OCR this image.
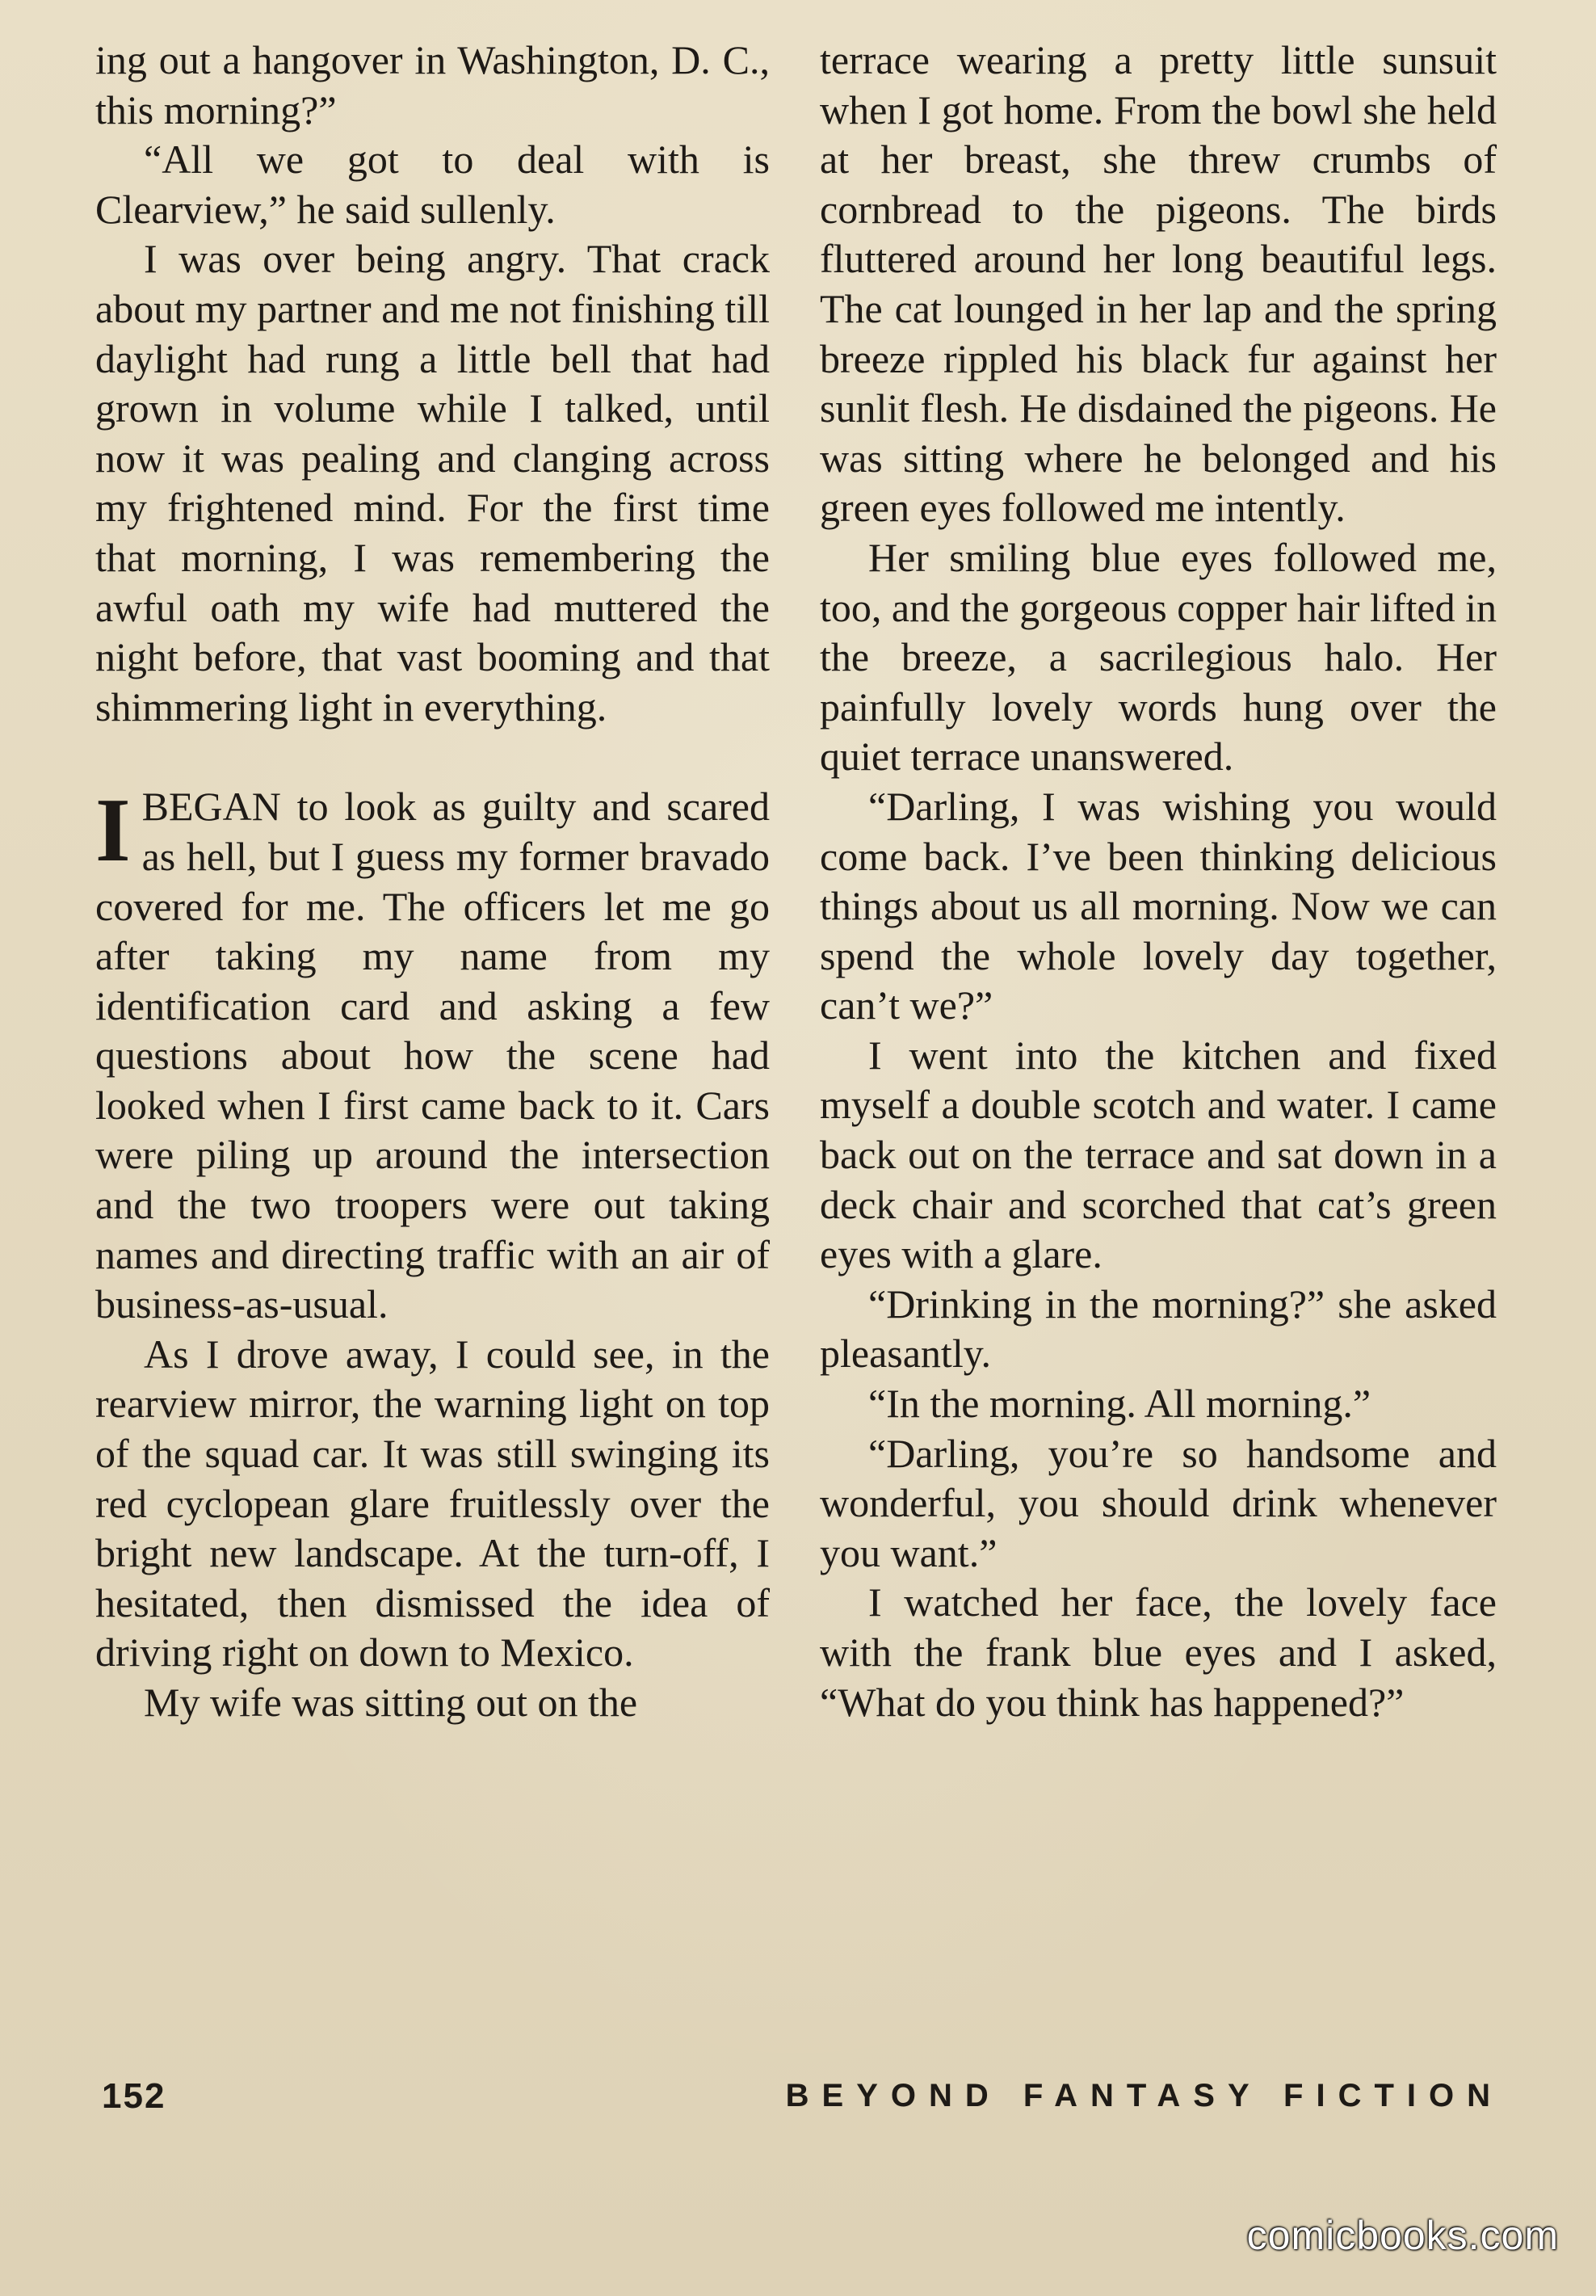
ing out a hangover in Washington, D. C., this morning?”

“All we got to deal with is Clearview,” he said sullenly.

I was over being angry. That crack about my partner and me not finishing till daylight had rung a little bell that had grown in volume while I talked, until now it was pealing and clanging across my frightened mind. For the first time that morning, I was remembering the awful oath my wife had muttered the night before, that vast booming and that shimmering light in everything.

IBEGAN to look as guilty and scared as hell, but I guess my former bravado covered for me. The officers let me go after taking my name from my identification card and asking a few questions about how the scene had looked when I first came back to it. Cars were piling up around the intersection and the two troopers were out taking names and directing traffic with an air of business-as-usual.

As I drove away, I could see, in the rearview mirror, the warning light on top of the squad car. It was still swinging its red cyclopean glare fruitlessly over the bright new landscape. At the turn-off, I hesitated, then dismissed the idea of driving right on down to Mexico.

My wife was sitting out on the

terrace wearing a pretty little sunsuit when I got home. From the bowl she held at her breast, she threw crumbs of cornbread to the pigeons. The birds fluttered around her long beautiful legs. The cat lounged in her lap and the spring breeze rippled his black fur against her sunlit flesh. He disdained the pigeons. He was sitting where he belonged and his green eyes followed me intently.

Her smiling blue eyes followed me, too, and the gorgeous copper hair lifted in the breeze, a sacrilegious halo. Her painfully lovely words hung over the quiet terrace unanswered.

“Darling, I was wishing you would come back. I’ve been thinking delicious things about us all morning. Now we can spend the whole lovely day together, can’t we?”

I went into the kitchen and fixed myself a double scotch and water. I came back out on the terrace and sat down in a deck chair and scorched that cat’s green eyes with a glare.

“Drinking in the morning?” she asked pleasantly.

“In the morning. All morning.”

“Darling, you’re so handsome and wonderful, you should drink whenever you want.”

I watched her face, the lovely face with the frank blue eyes and I asked, “What do you think has happened?”

152	BEYOND FANTASY FICTION
comicbooks.com
